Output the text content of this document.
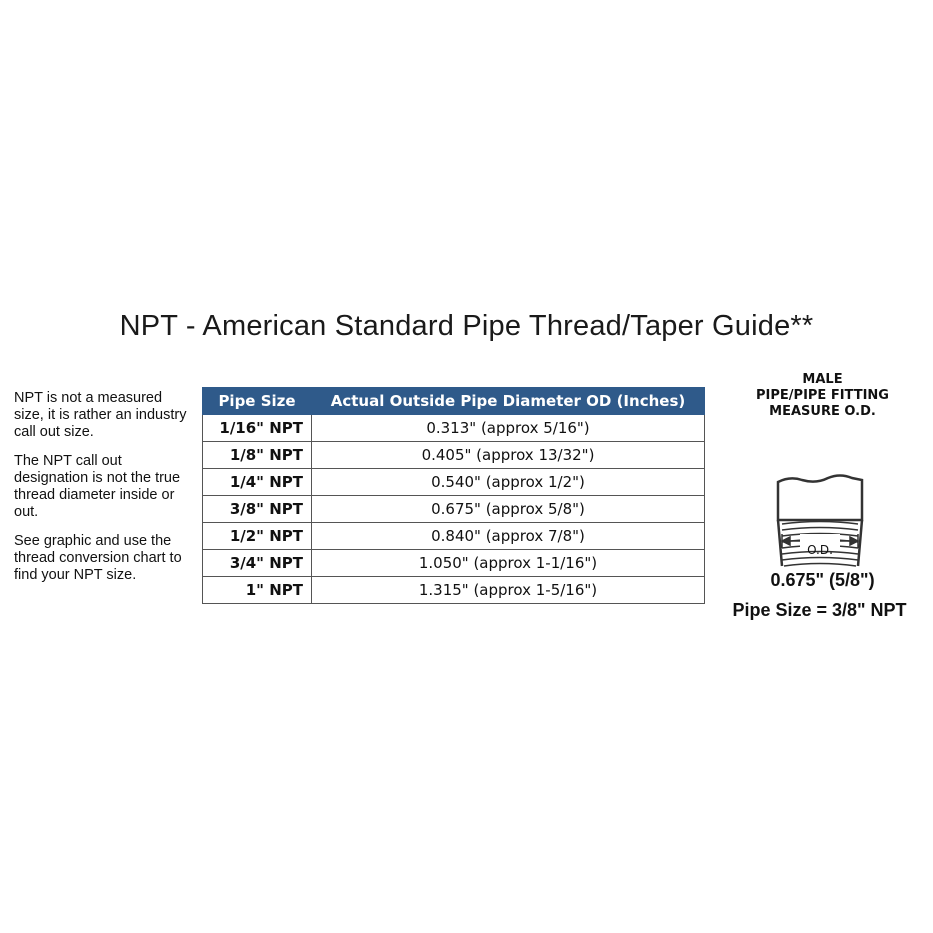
NPT - American Standard Pipe Thread/Taper Guide**

NPT is not a measured size, it is rather an industry call out size.

The NPT call out designation is not the true thread diameter inside or out.

See graphic and use the thread conversion chart to find your NPT size.

Pipe Size	Actual Outside Pipe Diameter OD (Inches)
1/16" NPT	0.313" (approx 5/16")
1/8" NPT	0.405" (approx 13/32")
1/4" NPT	0.540" (approx 1/2")
3/8" NPT	0.675" (approx 5/8")
1/2" NPT	0.840" (approx 7/8")
3/4" NPT	1.050" (approx 1-1/16")
1" NPT	1.315" (approx 1-5/16")
MALE
PIPE/PIPE FITTING
MEASURE O.D.
O.D.
0.675" (5/8")
Pipe Size = 3/8" NPT
